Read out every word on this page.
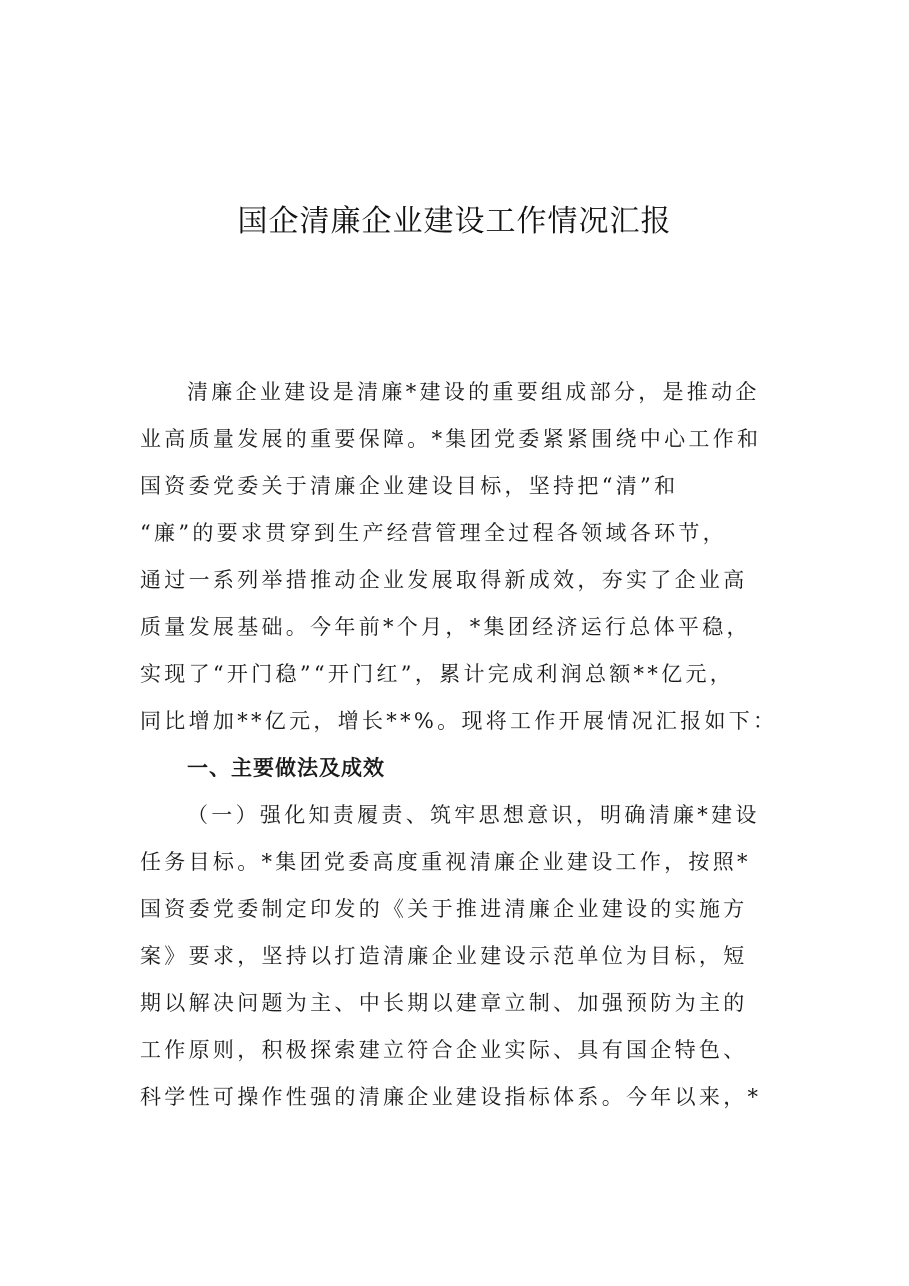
国企清廉企业建设工作情况汇报
清廉企业建设是清廉*建设的重要组成部分，是推动企
业高质量发展的重要保障。*集团党委紧紧围绕中心工作和
国资委党委关于清廉企业建设目标，坚持把“清”和
“廉”的要求贯穿到生产经营管理全过程各领域各环节，
通过一系列举措推动企业发展取得新成效，夯实了企业高
质量发展基础。今年前*个月，*集团经济运行总体平稳，
实现了“开门稳”“开门红”，累计完成利润总额**亿元，
同比增加**亿元，增长**%。现将工作开展情况汇报如下：
一、主要做法及成效
（一）强化知责履责、筑牢思想意识，明确清廉*建设
任务目标。*集团党委高度重视清廉企业建设工作，按照*
国资委党委制定印发的《关于推进清廉企业建设的实施方
案》要求，坚持以打造清廉企业建设示范单位为目标，短
期以解决问题为主、中长期以建章立制、加强预防为主的
工作原则，积极探索建立符合企业实际、具有国企特色、
科学性可操作性强的清廉企业建设指标体系。今年以来，*
